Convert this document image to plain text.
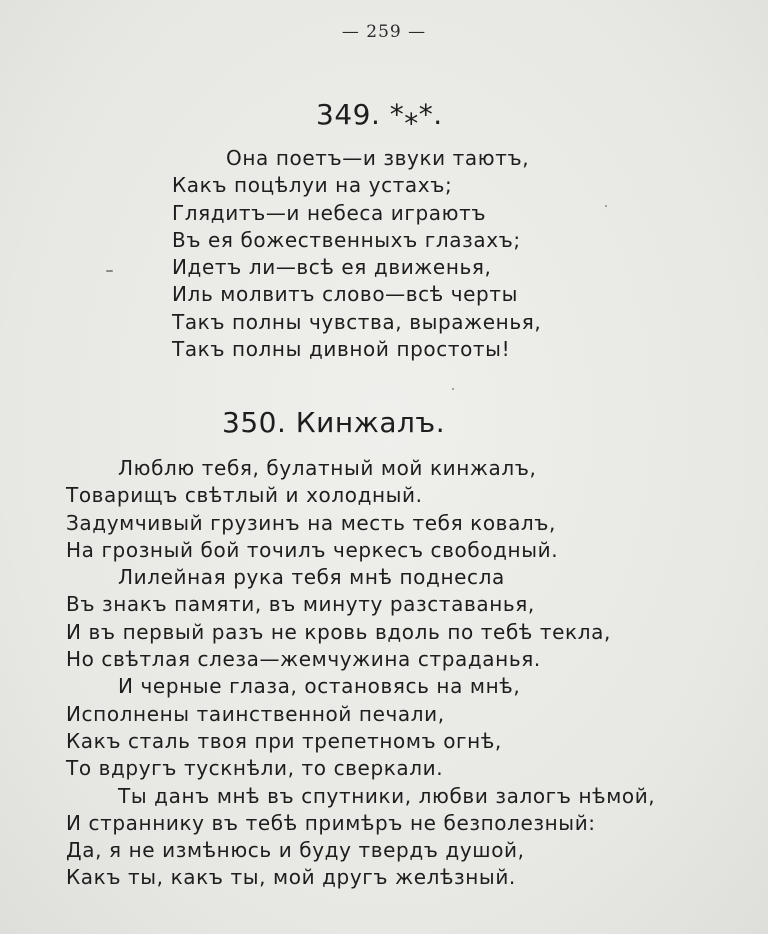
— 259 —
349. *⁎*.
Она поетъ—и звуки таютъ,
Какъ поцѣлуи на устахъ;
Глядитъ—и небеса играютъ
Въ ея божественныхъ глазахъ;
Идетъ ли—всѣ ея движенья,
Иль молвитъ слово—всѣ черты
Такъ полны чувства, выраженья,
Такъ полны дивной простоты!
350. Кинжалъ.
Люблю тебя, булатный мой кинжалъ,
Товарищъ свѣтлый и холодный.
Задумчивый грузинъ на месть тебя ковалъ,
На грозный бой точилъ черкесъ свободный.
Лилейная рука тебя мнѣ поднесла
Въ знакъ памяти, въ минуту разставанья,
И въ первый разъ не кровь вдоль по тебѣ текла,
Но свѣтлая слеза—жемчужина страданья.
И черные глаза, остановясь на мнѣ,
Исполнены таинственной печали,
Какъ сталь твоя при трепетномъ огнѣ,
То вдругъ тускнѣли, то сверкали.
Ты данъ мнѣ въ спутники, любви залогъ нѣмой,
И страннику въ тебѣ примѣръ не безполезный:
Да, я не измѣнюсь и буду твердъ душой,
Какъ ты, какъ ты, мой другъ желѣзный.
